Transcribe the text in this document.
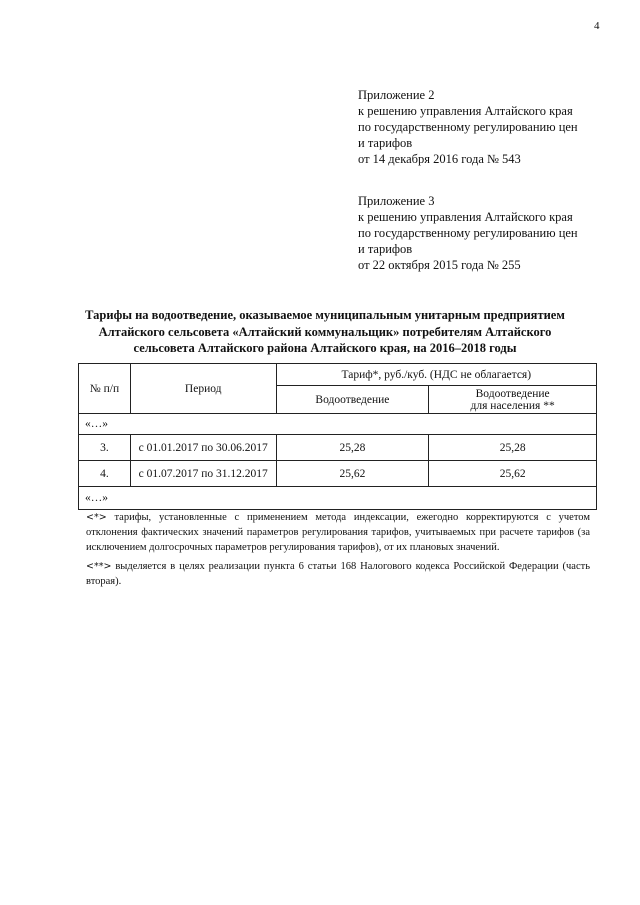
4
Приложение 2
к решению управления Алтайского края
по государственному регулированию цен
и тарифов
от 14 декабря 2016 года № 543
Приложение 3
к решению управления Алтайского края
по государственному регулированию цен
и тарифов
от 22 октября 2015 года № 255
Тарифы на водоотведение, оказываемое муниципальным унитарным предприятием
Алтайского сельсовета «Алтайский коммунальщик» потребителям Алтайского
сельсовета Алтайского района Алтайского края, на 2016–2018 годы
№ п/п	Период	Тариф*, руб./куб. (НДС не облагается)	
		Водоотведение	Водоотведение
для населения **

«…»			
3.	с 01.01.2017 по 30.06.2017	25,28	25,28
4.	с 01.07.2017 по 31.12.2017	25,62	25,62
«…»			

<*> тарифы, установленные с применением метода индексации, ежегодно корректируются с учетом отклонения фактических значений параметров регулирования тарифов, учитываемых при расчете тарифов (за исключением долгосрочных параметров регулирования тарифов), от их плановых значений.

<**> выделяется в целях реализации пункта 6 статьи 168 Налогового кодекса Российской Федерации (часть вторая).
